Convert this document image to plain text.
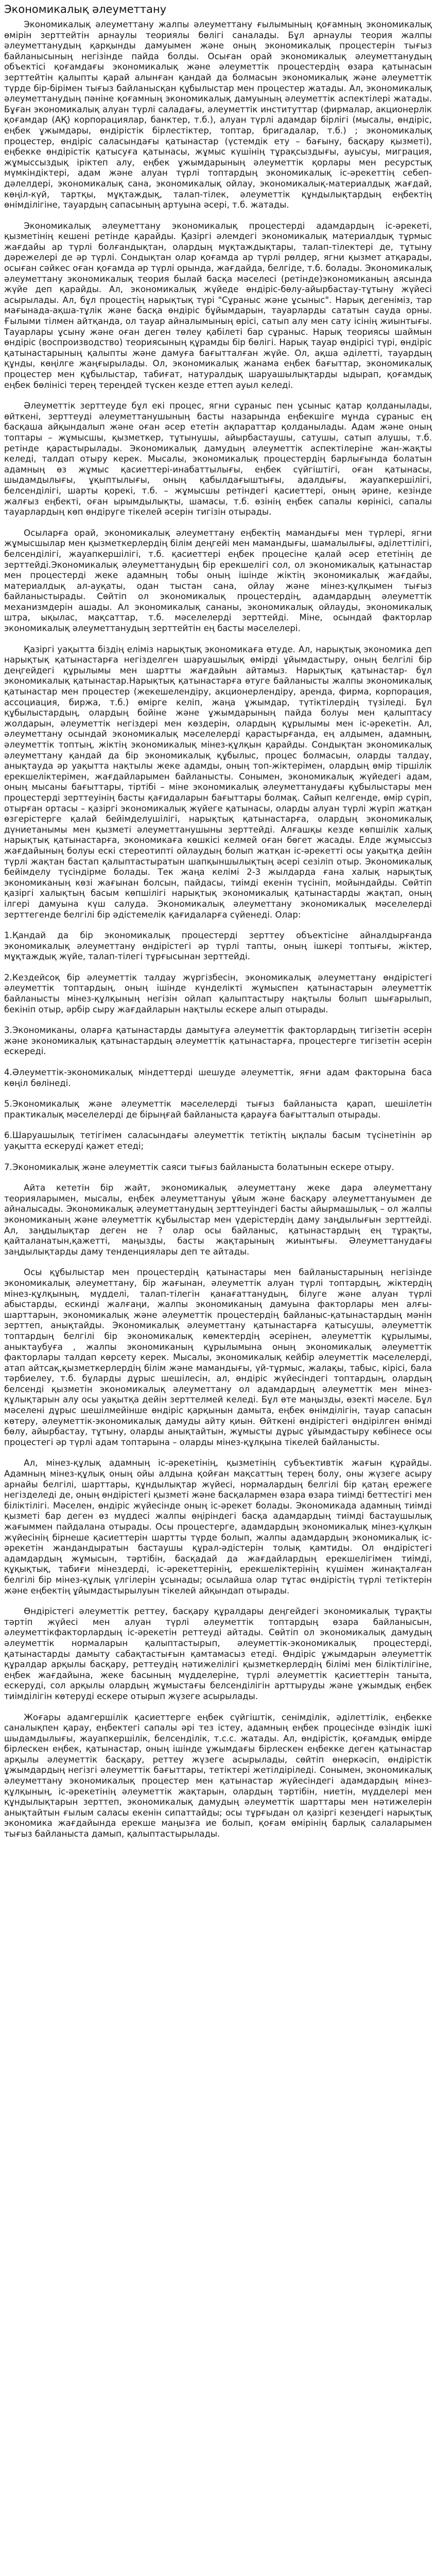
Экономикалық әлеуметтану

Экономикалық әлеуметтану жалпы әлеуметтану ғылымының қоғамның экономикалық өмірін зерттейтін арнаулы теориялы бөлігі саналады. Бұл арнаулы теория жалпы әлеуметтанудың қарқынды дамуымен және оның экономикалық процестерін тығыз байланысының негізінде пайда болды. Осыған орай экономикалық әлеуметтанудың объектісі қоғамдағы экономикалық және әлеуметтік процестердің өзара қатынасын зерттейтін қалыпты қарай алынған қандай да болмасын экономикалық және әлеуметтік түрде бір-бірімен тығыз байланысқан құбылыстар мен процестер жатады. Ал, экономикалық әлеуметтанудың пәніне қоғамның экономикалық дамуының әлеуметтік аспектілері жатады. Бұған экономикалық алуан түрлі саладағы, әлеуметтік институттар (фирмалар, акционерлік қоғамдар (АҚ) корпорациялар, банктер, т.б.), алуан түрлі адамдар бірлігі (мысалы, өндіріс, еңбек ұжымдары, өндірістік бірлестіктер, топтар, бригадалар, т.б.) ; экономикалық процестер, өндіріс саласындағы қатынастар (үстемдік ету – бағыну, басқару қызметі), еңбекке өндірістік қатысуға қатынасы, жұмыс күшінің тұрақсыздығы, ауысуы, миграция, жұмыссыздық іріктеп алу, еңбек ұжымдарының әлеуметтік қорлары мен ресурстық мүмкіндіктері, адам және алуан түрлі топтардың экономикалық іс-әрекеттің себеп-дәлелдері, экономикалық сана, экономикалық ойлау, экономикалық-материалдық жағдай, көңіл-күй, тартқы, мұқтаждық, талап-тілек, әлеуметтік құндылықтардың еңбектің өнімділігіне, тауардың сапасының артуына әсері, т.б. жатады.

Экономикалық әлеуметтану экономикалық процестерді адамдардың іс-әрекеті, қызметінің кешені ретінде қарайды. Қазіргі әлемдегі экономикалық материалдық тұрмыс жағдайы ар түрлі болғандықтан, олардың мұқтаждықтары, талап-тілектері де, тұтыну дәрежелері де әр түрлі. Сондықтан олар қоғамда ар түрлі рөлдер, ягни қызмет атқарады, осыған сәйкес оған қоғамда әр түрлі орында, жағдайда, белгіде, т.б. болады. Экономикалық әлеуметтану экономикалық теория былай басқа мәселесі (ретінде)экономиканың аясында жүйе деп қарайды. Ал, экономикалық жүйеде өндіріс-бөлу-айырбастау-тұтыну жүйесі асырылады. Ал, бұл процестің нарықтық түрі "Сұраныс және ұсыныс". Нарық дегеніміз, тар мағынада-ақша-тұлік және басқа өндіріс бұйымдарын, тауарларды сататын сауда орны. Ғылыми тілмен айтқанда, ол тауар айналымының өрісі, сатып алу мен сату ісінің жиынтығы. Тауарлары ұсыну және оған деген төлеу қабілеті бар сұраныс. Нарық теориясы шаймын өндіріс (воспроизводство) теориясының құрамды бір бөлігі. Нарық тауар өндірісі түрі, өндіріс қатынастарының қалыпты және дамуға бағытталған жүйе. Ол, ақша әділетті, тауардың құнды, көңілге жаңғырылады. Ол, экономикалық жанама еңбек бағыттар, экономикалық процестер мен құбылыстар, табиғат, натуралдық шаруашылықтарды ыдырап, қоғамдық еңбек бөлінісі терең тереңдей түскен кезде еттеп ауыл келеді.

Әлеуметтік зерттеуде бұл екі процес, ягни сұраныс пен ұсыныс қатар қолданылады, өйткені, зерттеуді әлеуметтанушының басты назарында еңбекшіге мұнда сұраныс ең басқаша айқындалып және оған әсер ететін ақпараттар қолданылады. Адам және оның топтары – жұмысшы, қызметкер, тұтынушы, айырбастаушы, сатушы, сатып алушы, т.б. ретінде қарастырылады. Экономикалық дамудың әлеуметтік аспектілеріне жан-жақты келеді, талдап отыру керек. Мысалы, экономикалық процестердің барлығында болатын адамның өз жұмыс қасиеттері-инабаттылығы, еңбек сүйгіштігі, оған қатынасы, шыдамдылығы, ұқыптылығы, оның қабылдағыштығы, адалдығы, жауапкершілігі, белсенділігі, шарты қорекі, т.б. – жұмысшы ретіндегі қасиеттері, оның әрине, кезінде жалғыз еңбекті, оған ырымдылықты, шамасы, т.б. өзінің еңбек сапалы көрінісі, сапалы тауарлардың көп өндіруге тікелей әсерін тигізін отырады.

Осыларға орай, экономикалық әлеуметтану еңбектің мамандығы мен түрлері, ягни жұмысшылар мен қызметкерлердің білім деңгейі мен мамандығы, шамалылығы, әділеттілігі, белсенділігі, жауапкершілігі, т.б. қасиеттері еңбек процесіне қалай әсер ететінің де зерттейді.Экономикалық әлеуметтанудың бір ерекшелігі сол, ол экономикалық қатынастар мен процестерді жеке адамның тобы оның ішінде жіктің экономикалық жағдайы, материалдық ал-ауқаты, одан тыстан сана, ойлау және мінез-құлқымен тығыз байланыстырады. Сөйтіп ол экономикалық процестердің, адамдардың әлеуметтік механизмдерін ашады. Ал экономикалық сананы, экономикалық ойлауды, экономикалық штра, ықылас, мақсаттар, т.б. мәселелерді зерттейді. Міне, осындай факторлар экономикалық әлеуметтанудың зерттейтін ең басты мәселелері.

Қазіргі уақытта біздің еліміз нарықтық экономикаға өтуде. Ал, нарықтық экономика деп нарықтық қатынастарға негізделген шаруашылық өмірді ұйымдастыру, оның белгілі бір деңгейдегі құрылымы мен шартты жағдайын айтамыз. Нарықтық қатынастар- бұл экономикалық қатынастар.Нарықтық қатынастарға өтуге байланысты жалпы экономикалық қатынастар мен процестер (жекешелендіру, акционерлендіру, аренда, фирма, корпорация, ассоциация, биржа, т.б.) өмірге келіп, жаңа ұжымдар, түтіктілердің түзіледі. Бұл құбылыстардың, олардың бойіне және ұжымдарының пайда болуы мен қалыптасу жолдарын, әлеуметтік негіздері мен көздерін, олардың құрылымы мен іс-әрекетін. Ал, әлеуметтану осындай экономикалық мәселелерді қарастырғанда, ең алдымен, адамның, әлеуметтік топтың, жіктің экономикалық мінез-құлқын қарайды. Сондықтан экономикалық әлеуметтану қандай да бір экономикалық құбылыс, процес болмасын, оларды талдау, анықтауда әр уақытта нақтылы жеке адамды, оның топ-жіктерімен, олардың өмір тіршілік ерекшеліктерімен, жағдайларымен байланысты. Сонымен, экономикалық жүйедегі адам, оның мысаны бағыттары, тіртібі – міне экономикалық әлеуметтанудағы құбылыстары мен процестерді зерттеуінің басты қағидаларын бағыттары болмақ. Сайып келгенде, өмір сүріп, отырған ортасы – қазіргі экономикалық жүйеге қатынасы, оларды алуан түрлі жүріп жатқан өзгерістерге қалай бейімделушілігі, нарықтық қатынастарға, олардың экономикалық дүниетанымы мен қызметі әлеуметтанушыны зерттейді. Алғашқы кезде көпшілік халық нарықтық қатынастарға, экономикаға көшкісі келмей оған бөгет жасады. Елде жұмыссыз жағдайының болуы ескі стереотипті ойлаудың болып жатқан іс-әрекетті осы уақытқа дейін түрлі жақтан бастап қалыптастыратын шапқыншылықтың әсері сезіліп отыр. Экономикалық бейімделу түсіндірме болады. Тек жаңа келімі 2-3 жылдарда ғана халық нарықтық экономиканың көзі жағынан болсын, пайдасы, тиімді екенін түсініп, мойындайды. Сөйтіп қазіргі халықтың басым көпшілігі нарықтық экономикалық қатынастарды жақтап, оның ілгері дамуына күш салуда. Экономикалық әлеуметтану экономикалық мәселелерді зерттегенде белгілі бір әдістемелік қағидаларға сүйенеді. Олар:

1.Қандай да бір экономикалық процестерді зерттеу объектісіне айналдырғанда экономикалық әлеуметтану өндірістегі әр түрлі тапты, оның ішкері топтығы, жіктер, мұқтаждық жүйе, талап-тілегі тұрғысынан зерттейді.

2.Кездейсоқ бір әлеуметтік талдау жүргізбесін, экономикалық әлеуметтану өндірістегі әлеуметтік топтардың, оның ішінде күнделікті жұмыспен қатынастарын әлеуметтік байланысты мінез-құлқының негізін ойлап қалыптастыру нақтылы болып шығарылып, бекініп отыр, әрбір сыру жағдайларын нақтылы ескере алып отырады.

3.Экономиканы, оларға қатынастарды дамытуға әлеуметтік факторлардың тигізетін әсерін және экономикалық қатынастардың әлеуметтік қатынастарға, процестерге тигізетін әсерін ескереді.

4.Әлеуметтік-экономикалық міндеттерді шешуде әлеуметтік, яғни адам факторына баса көңіл бөлінеді.

5.Экономикалық және әлеуметтік мәселелерді тығыз байланыста қарап, шешілетін практикалық мәселелерді де бірыңғай байланыста қарауға бағытталып отырады.

6.Шаруашылық тетігімен саласындағы әлеуметтік тетіктің ықпалы басым түсінетінін әр уақытта ескеруді қажет етеді;

7.Экономикалық және әлеуметтік саяси тығыз байланыста болатынын ескере отыру.

Айта кететін бір жайт, экономикалық әлеуметтану жеке дара әлеуметтану теорияларымен, мысалы, еңбек әлеуметтануы ұйым және басқару әлеуметтануымен де айналысады. Экономикалық әлеуметтанудың зерттеуіндегі басты айырмашылық – ол жалпы экономиканың және әлеуметтік құбылыстар мен үдерістердің даму заңдылығын зерттейді. Ал, заңдылықтар деген не ? олар осы байланыс, қатынастардың ең тұрақты, қайталанатын,қажетті, маңызды, басты жақтарының жиынтығы. Әлеуметтанудағы заңдылықтарды даму тенденциялары деп те айтады.

Осы құбылыстар мен процестердің қатынастары мен байланыстарының негізінде экономикалық әлеуметтану, бір жағынан, әлеуметтік алуан түрлі топтардың, жіктердің мінез-құлқының, мүдделі, талап-тілегін қанағаттанудың, білуге және алуан түрлі абыстарды, ескинді жалғаңи, жалпы экономиканың дамуына факторлары мен алғы-шарттарын, экономикалық және әлеуметтік процестердің байланыс-қатынастардың мәнін зерттеп, анықтайды. Экономикалық әлеуметтану қатынастарға қатысушы, әлеуметтік топтардың белгілі бір экономикалық көмектердің әсерінен, әлеуметтік құрылымы, аныктаубуға , жалпы экономиканың құрылымына оның экономикалық әлеуметтік факторлары талдап көрсету керек. Мысалы, экономикалық кейбір әлеуметтік мәселелерді, атап айтсақ,қызметкерлердің білім және мамандығы, үй-тұрмыс, жалақы, табыс, кірісі, бала тәрбиелеу, т.б. бұларды дұрыс шешілесін, ал, өндіріс жүйесіндегі топтардың, олардың белсенді қызметін экономикалық әлеуметтану ол адамдардың әлеуметтік мен мінез-құлықтарын алу осы уақытқа дейін зерттелмей келеді. Бұл өте маңызды, өзекті мәселе. Бұл мәселені дұрыс шешілмейінше өндіріс қарқынын дамыта, еңбек өнімділігін, тауар сапасын көтеру, әлеуметтік-экономикалық дамуды айту қиын. Өйткені өндірістегі өндірілген өнімді бөлу, айырбастау, тұтыну, оларды анықтайтын, жұмысты дұрыс ұйымдастыру көбінесе осы процестегі әр түрлі адам топтарына – оларды мінез-құлқына тікелей байланысты.

Ал, мінез-құлық адамның іс-әрекетінің, қызметінің субъективтік жағын құрайды. Адамның мінез-құлық оның ойы алдына қойған мақсаттың терең болу, оны жүзеге асыру арнайы белгілі, шарттары, құндылықтар жүйесі, нормалардың белгілі бір қатаң ережеге негізделеді де, оның өндірістегі қызметі және басқалармен өзара өзара тиімді беттестігі мен біліктілігі. Мәселен, өндіріс жүйесінде оның іс-әрекет болады. Экономикада адамның тиімді қызметі бар деген өз мүддесі жалпы өңіріндегі басқа адамдардың тиімді бастаушылық жағыммен пайдалана отырады. Осы процестерге, адамдардың экономикалық мінез-құлқын жүйесінің бірнеше қасиеттерін шартты түрде болып, жалпы адамдардың экономикалық іс-әрекетін жандандыратын бастаушы құрал-әдістерін толық қамтиды. Ол өндірістегі адамдардың жұмысын, тәртібін, басқадай да жағдайлардың ерекшелігімен тиімді, құқықтық, табиғи мінездерді, іс-әрекеттерінің, ерекшеліктерінің күшімен жинақталған белгілі бір мінез-құлық үлгілерін ұсынады; осылайша олар тұтас өндірістің түрлі тетіктерін және еңбектің ұйымдастырылуын тікелей айқындап отырады.

Өндірістегі әлеуметтік реттеу, басқару құралдары деңгейдегі экономикалық тұрақты тәртіп жүйесі мен алуан түрлі әлеуметтік топтардың өзара байланысын, әлеуметтікфакторлардың іс-әрекетін реттеуді айтады. Сөйтіп ол экономикалық дамудың әлеуметтік нормаларын қалыптастырып, әлеуметтік-экономикалық процестерді, қатынастарды дамыту сабақтастығын қамтамасыз етеді. Өндіріс ұжымдарын әлеуметтік құралдар арқылы басқару, реттеудің нәтижелілігі қызметкерлердің білімі мен біліктілігіне, еңбек жағдайына, жеке басының мүдделеріне, түрлі әлеуметтік қасиеттерін таныта, ескеруді, сол арқылы олардың жұмыстағы белсенділігін арттыруды және ұжымдық еңбек тиімділігін көтеруді ескере отырып жүзеге асырылады.

Жоғары адамгершілік қасиеттерге еңбек сүйгіштік, сенімділік, әділеттілік, еңбекке саналықпен қарау, еңбектегі сапалы әрі тез істеу, адамның еңбек процесінде өзіндік ішкі шыдамдылығы, жауапкершілік, белсенділік, т.с.с. жатады. Ал, өндірістік, қоғамдық өмірде бірлескен еңбек, қатынастар, оның ішінде ұжымдағы бірлескен еңбекке деген қатынастар арқылы әлеуметтік басқару, реттеу жүзеге асырылады, сөйтіп өнеркәсіп, өндірістік ұжымдардың негізгі әлеуметтік бағыттары, тетіктері жетілдіріледі. Сонымен, экономикалық әлеуметтану экономикалық процестер мен қатынастар жүйесіндегі адамдардың мінез-құлқының, іс-әрекетінің әлеуметтік жақтарын, олардың тәртібін, ниетін, мүдделері мен құндылықтарын зерттеп, экономикалық дамудың әлеуметтік шарттары мен нәтижелерін анықтайтын ғылым саласы екенін сипаттайды; осы тұрғыдан ол қазіргі кезеңдегі нарықтық экономика жағдайында ерекше маңызға ие болып, қоғам өмірінің барлық салаларымен тығыз байланыста дамып, қалыптастырылады.
